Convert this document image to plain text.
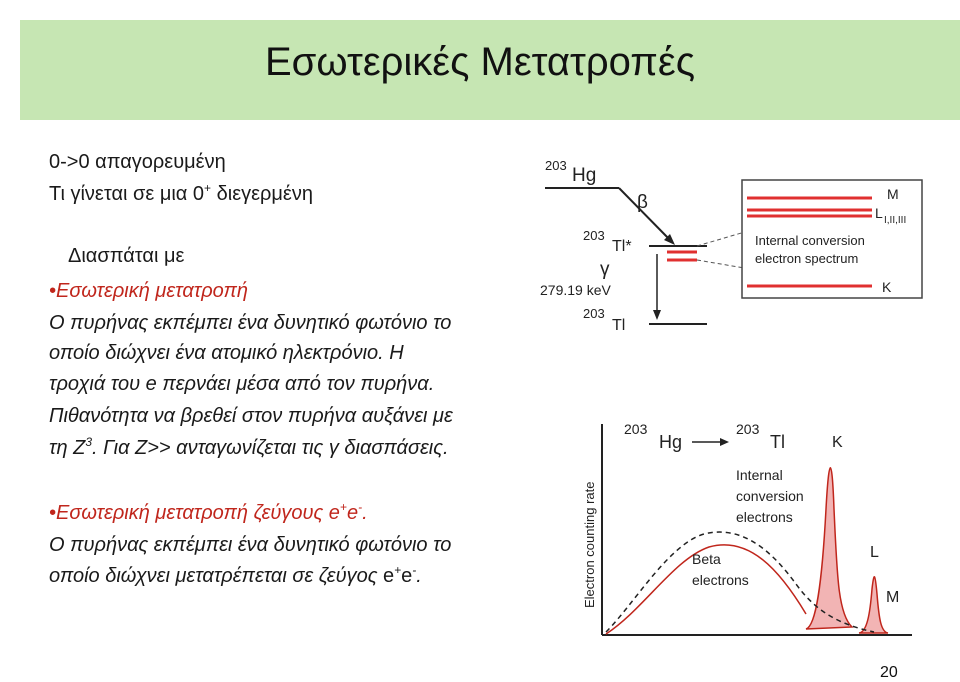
Εσωτερικές Μετατροπές
0->0 απαγορευμένη
Τι γίνεται σε μια 0+ διεγερμένη
Διασπάται με
•Εσωτερική μετατροπή
Ο πυρήνας εκπέμπει ένα δυνητικό φωτόνιο το
οποίο διώχνει ένα ατομικό ηλεκτρόνιο. Η
τροχιά του e περνάει μέσα από τον πυρήνα.
Πιθανότητα να βρεθεί στον πυρήνα αυξάνει με
τη $Z^3$. Για Z>> ανταγωνίζεται τις γ διασπάσεις.
•Εσωτερική μετατροπή ζεύγους e+e-.
Ο πυρήνας εκπέμπει ένα δυνητικό φωτόνιο το
οποίο διώχνει μετατρέπεται σε ζεύγος e+e-.
203 Hg
β
203
Tl*
γ
279.19 keV
203
Tl
M
L I,II,III
Internal conversion
electron spectrum
K
Electron counting rate
203
Hg
203
Tl
Internal
conversion
electrons
K
L
M
Beta
electrons
20
